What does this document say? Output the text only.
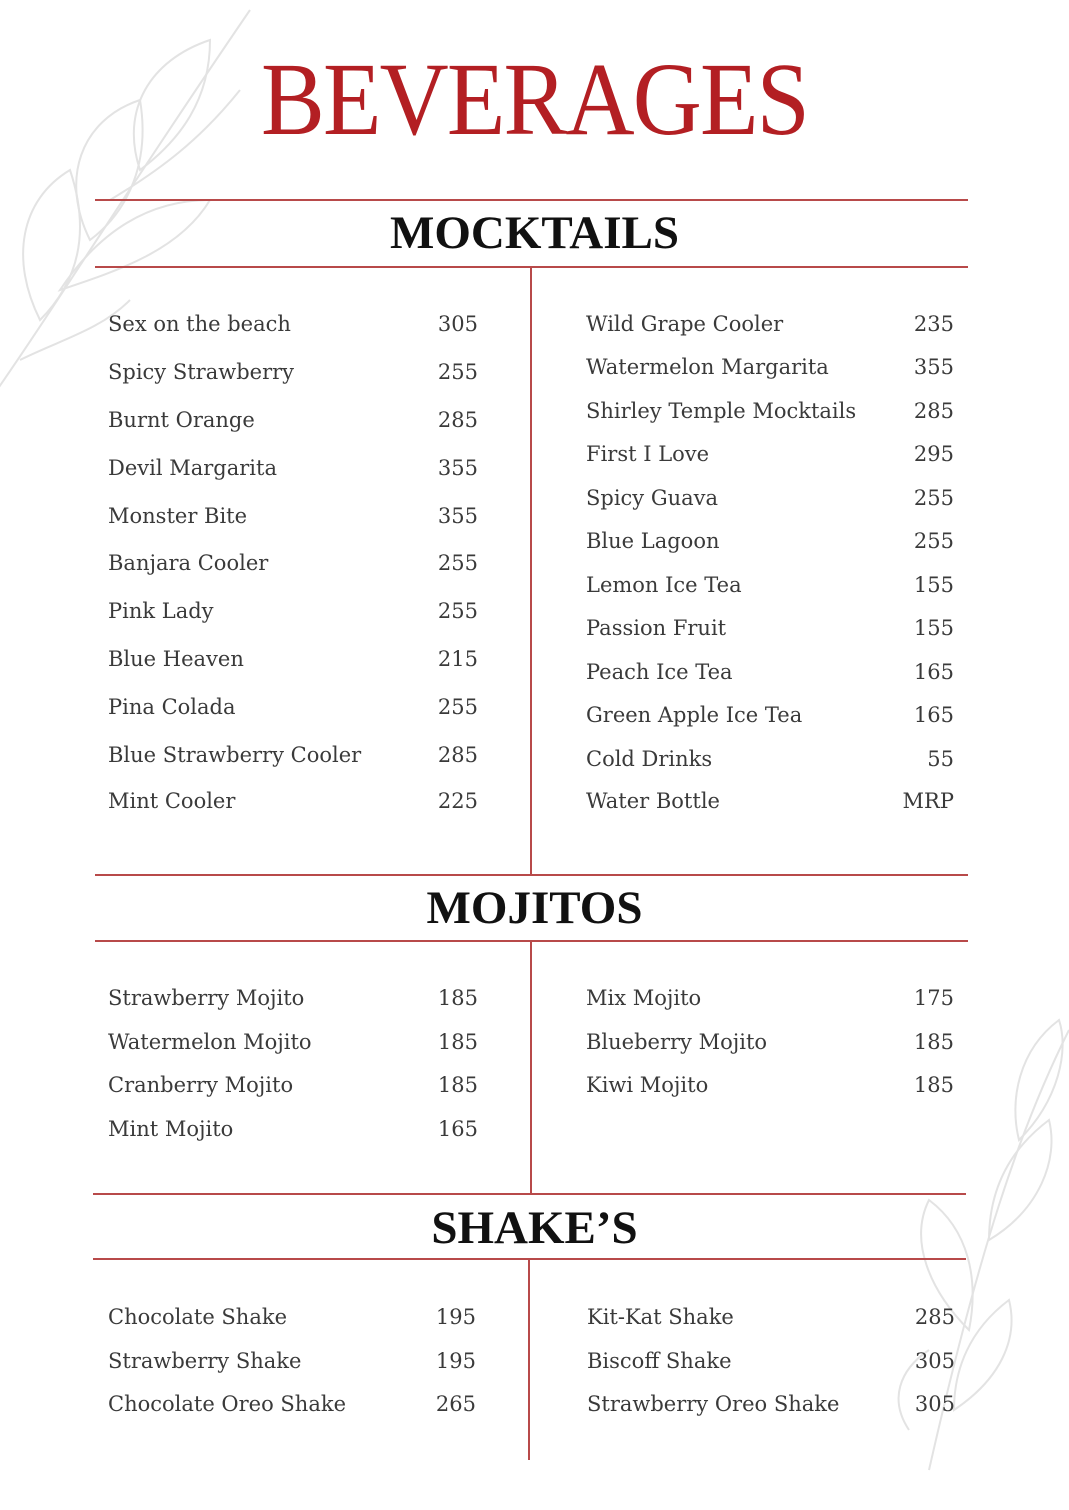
BEVERAGES
MOCKTAILS
Sex on the beach	305
Spicy Strawberry	255
Burnt Orange	285
Devil Margarita	355
Monster Bite	355
Banjara Cooler	255
Pink Lady	255
Blue Heaven	215
Pina Colada	255
Blue Strawberry Cooler	285
Mint Cooler	225
Wild Grape Cooler	235
Watermelon Margarita	355
Shirley Temple Mocktails	285
First I Love	295
Spicy Guava	255
Blue Lagoon	255
Lemon Ice Tea	155
Passion Fruit	155
Peach Ice Tea	165
Green Apple Ice Tea	165
Cold Drinks	55
Water Bottle	MRP
MOJITOS
Strawberry Mojito	185
Watermelon Mojito	185
Cranberry Mojito	185
Mint Mojito	165
Mix Mojito	175
Blueberry Mojito	185
Kiwi Mojito	185
SHAKE’S
Chocolate Shake	195
Strawberry Shake	195
Chocolate Oreo Shake	265
Kit-Kat Shake	285
Biscoff Shake	305
Strawberry Oreo Shake	305
